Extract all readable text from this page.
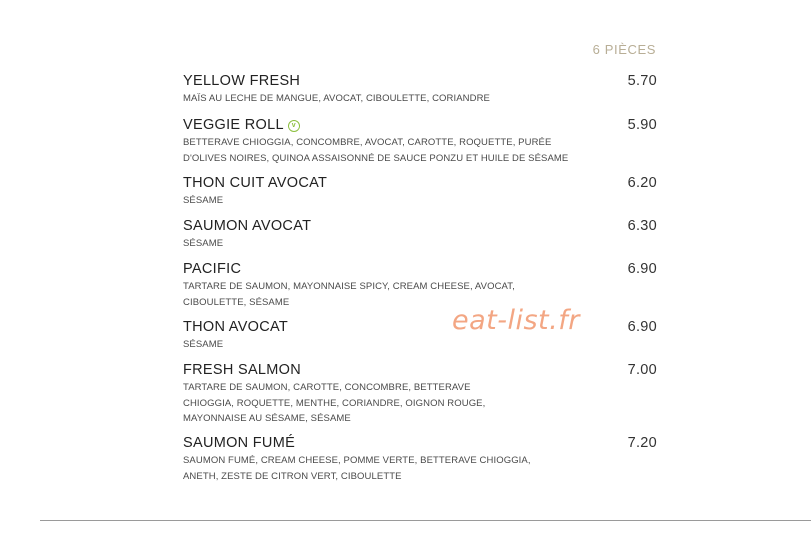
6 PIÈCES
YELLOW FRESH
MAÏS AU LECHE DE MANGUE, AVOCAT, CIBOULETTE, CORIANDRE
5.70
VEGGIE ROLL v
BETTERAVE CHIOGGIA, CONCOMBRE, AVOCAT, CAROTTE, ROQUETTE, PURÉE
D'OLIVES NOIRES, QUINOA ASSAISONNÉ DE SAUCE PONZU ET HUILE DE SÉSAME
5.90
THON CUIT AVOCAT
SÉSAME
6.20
SAUMON AVOCAT
SÉSAME
6.30
PACIFIC
TARTARE DE SAUMON, MAYONNAISE SPICY, CREAM CHEESE, AVOCAT,
CIBOULETTE, SÉSAME
6.90
THON AVOCAT
SÉSAME
6.90
FRESH SALMON
TARTARE DE SAUMON, CAROTTE, CONCOMBRE, BETTERAVE
CHIOGGIA, ROQUETTE, MENTHE, CORIANDRE, OIGNON ROUGE,
MAYONNAISE AU SÉSAME, SÉSAME
7.00
SAUMON FUMÉ
SAUMON FUMÉ, CREAM CHEESE, POMME VERTE, BETTERAVE CHIOGGIA,
ANETH, ZESTE DE CITRON VERT, CIBOULETTE
7.20
eat-list.fr
